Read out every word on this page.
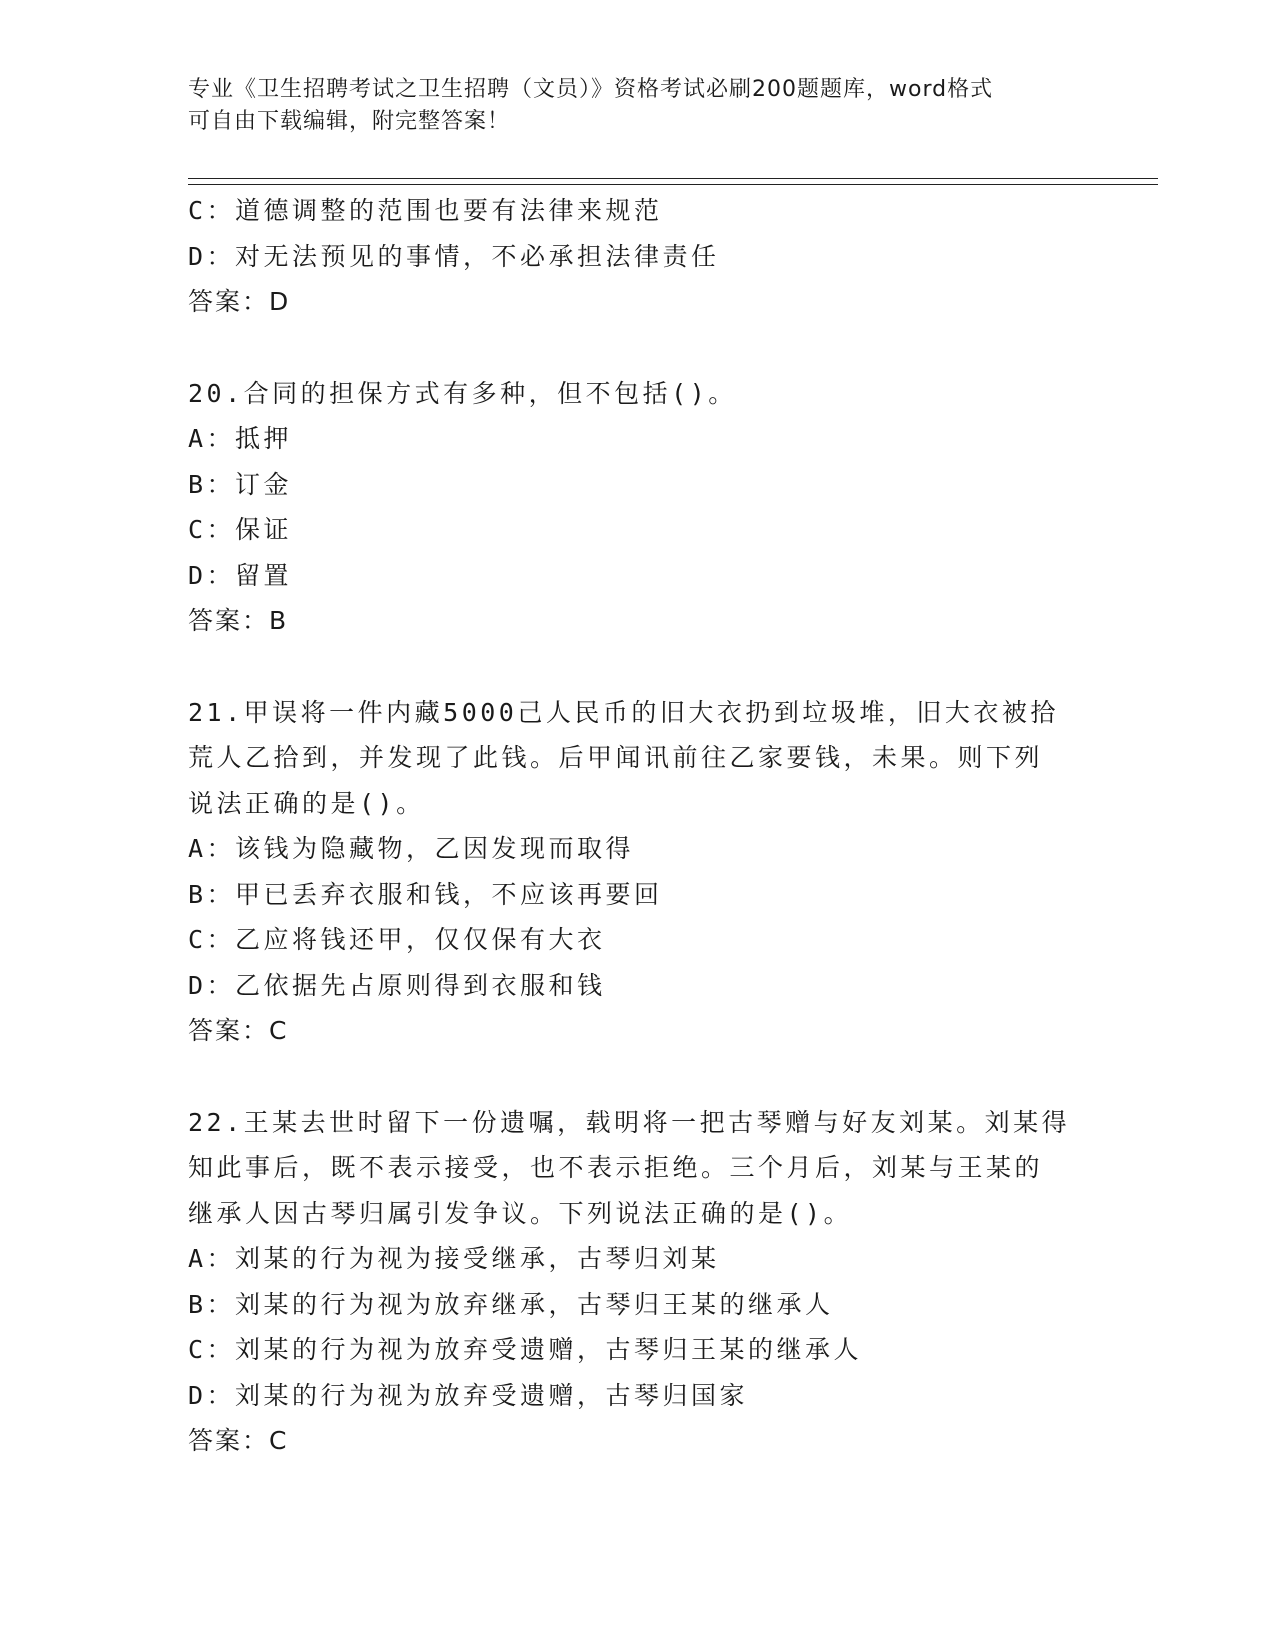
专业《卫生招聘考试之卫生招聘（文员）》资格考试必刷200题题库，word格式
可自由下载编辑，附完整答案！
C：道德调整的范围也要有法律来规范
D：对无法预见的事情，不必承担法律责任
答案：D
20.合同的担保方式有多种，但不包括()。
A：抵押
B：订金
C：保证
D：留置
答案：B
21.甲误将一件内藏5000己人民币的旧大衣扔到垃圾堆，旧大衣被拾
荒人乙拾到，并发现了此钱。后甲闻讯前往乙家要钱，未果。则下列
说法正确的是()。
A：该钱为隐藏物，乙因发现而取得
B：甲已丢弃衣服和钱，不应该再要回
C：乙应将钱还甲，仅仅保有大衣
D：乙依据先占原则得到衣服和钱
答案：C
22.王某去世时留下一份遗嘱，载明将一把古琴赠与好友刘某。刘某得
知此事后，既不表示接受，也不表示拒绝。三个月后，刘某与王某的
继承人因古琴归属引发争议。下列说法正确的是()。
A：刘某的行为视为接受继承，古琴归刘某
B：刘某的行为视为放弃继承，古琴归王某的继承人
C：刘某的行为视为放弃受遗赠，古琴归王某的继承人
D：刘某的行为视为放弃受遗赠，古琴归国家
答案：C
